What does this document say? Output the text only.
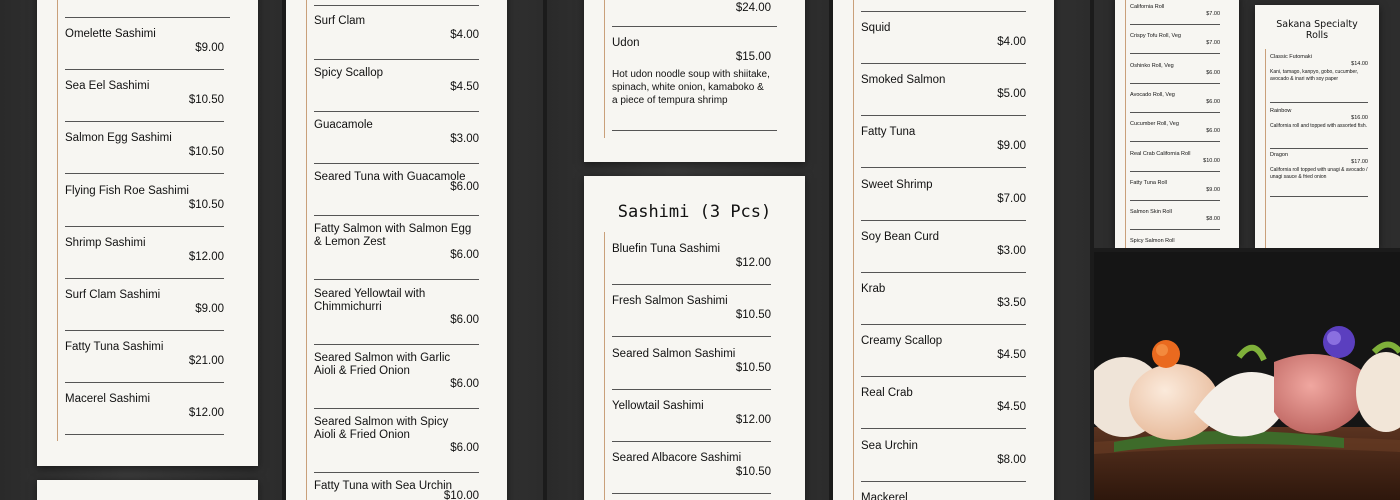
Omelette Sashimi
$9.00
Sea Eel Sashimi
$10.50
Salmon Egg Sashimi
$10.50
Flying Fish Roe Sashimi
$10.50
Shrimp Sashimi
$12.00
Surf Clam Sashimi
$9.00
Fatty Tuna Sashimi
$21.00
Macerel Sashimi
$12.00
Surf Clam
$4.00
Spicy Scallop
$4.50
Guacamole
$3.00
Seared Tuna with Guacamole
$6.00
Fatty Salmon with Salmon Egg & Lemon Zest
$6.00
Seared Yellowtail with Chimmichurri
$6.00
Seared Salmon with Garlic Aioli & Fried Onion
$6.00
Seared Salmon with Spicy Aioli & Fried Onion
$6.00
Fatty Tuna with Sea Urchin
$10.00
$24.00
Udon
$15.00
Hot udon noodle soup with shiitake, spinach, white onion, kamaboko & a piece of tempura shrimp
Sashimi (3 Pcs)
Bluefin Tuna Sashimi
$12.00
Fresh Salmon Sashimi
$10.50
Seared Salmon Sashimi
$10.50
Yellowtail Sashimi
$12.00
Seared Albacore Sashimi
$10.50
Squid
$4.00
Smoked Salmon
$5.00
Fatty Tuna
$9.00
Sweet Shrimp
$7.00
Soy Bean Curd
$3.00
Krab
$3.50
Creamy Scallop
$4.50
Real Crab
$4.50
Sea Urchin
$8.00
Mackerel
California Roll
$7.00
Crispy Tofu Roll, Veg
$7.00
Oshinko Roll, Veg
$6.00
Avocado Roll, Veg
$6.00
Cucumber Roll, Veg
$6.00
Real Crab California Roll
$10.00
Fatty Tuna Roll
$9.00
Salmon Skin Roll
$8.00
Spicy Salmon Roll
Sakana Specialty Rolls
Classic Futomaki
$14.00
Kani, tamago, kanpyo, gobo, cucumber, avocado & inari with soy paper
Rainbow
$16.00
California roll and topped with assorted fish.
Dragon
$17.00
California roll topped with unagi & avocado / unagi sauce & fried onion
